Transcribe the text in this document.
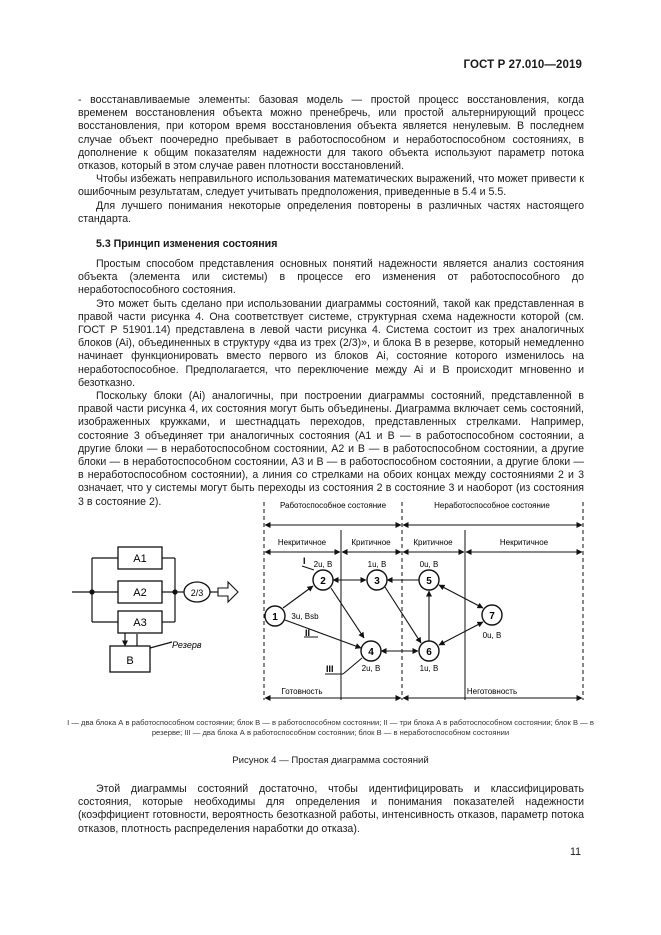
ГОСТ Р 27.010—2019

- восстанавливаемые элементы: базовая модель — простой процесс восстановления, когда временем восстановления объекта можно пренебречь, или простой альтернирующий процесс восстановления, при котором время восстановления объекта является ненулевым. В последнем случае объект поочередно пребывает в работоспособном и неработоспособном состояниях, в дополнение к общим показателям надежности для такого объекта используют параметр потока отказов, который в этом случае равен плотности восстановлений.

Чтобы избежать неправильного использования математических выражений, что может привести к ошибочным результатам, следует учитывать предположения, приведенные в 5.4 и 5.5.

Для лучшего понимания некоторые определения повторены в различных частях настоящего стандарта.

5.3 Принцип изменения состояния

Простым способом представления основных понятий надежности является анализ состояния объекта (элемента или системы) в процессе его изменения от работоспособного до неработоспособного состояния.

Это может быть сделано при использовании диаграммы состояний, такой как представленная в правой части рисунка 4. Она соответствует системе, структурная схема надежности которой (см. ГОСТ Р 51901.14) представлена в левой части рисунка 4. Система состоит из трех аналогичных блоков (Ai), объединенных в структуру «два из трех (2/3)», и блока В в резерве, который немедленно начинает функционировать вместо первого из блоков Ai, состояние которого изменилось на неработоспособное. Предполагается, что переключение между Ai и B происходит мгновенно и безотказно.

Поскольку блоки (Ai) аналогичны, при построении диаграммы состояний, представленной в правой части рисунка 4, их состояния могут быть объединены. Диаграмма включает семь состояний, изображенных кружками, и шестнадцать переходов, представленных стрелками. Например, состояние 3 объединяет три аналогичных состояния (A1 и В — в работоспособном состоянии, а другие блоки — в неработоспособном состоянии, A2 и В — в работоспособном состоянии, а другие блоки — в неработоспособном состоянии, A3 и В — в работоспособном состоянии, а другие блоки — в неработоспособном состоянии), а линия со стрелками на обоих концах между состояниями 2 и 3 означает, что у системы могут быть переходы из состояния 2 в состояние 3 и наоборот (из состояния 3 в состояние 2).

A1
A2
A3
2/3
B
Резерв
Работоспособное состояние	Неработоспособное состояние
Некритичное	Критичное	Критичное	Некритичное
Готовность	Неготовность
1 3u, Bsb
2
2u, B
3
1u, B
4
2u, B
5
0u, B
6
1u, B
7
0u, B
I
II
III
I — два блока А в работоспособном состоянии; блок В — в работоспособном состоянии; II — три блока А в работоспособном состоянии; блок В — в резерве; III — два блока А в работоспособном состоянии; блок В — в неработоспособном состоянии
Рисунок 4 — Простая диаграмма состояний

Этой диаграммы состояний достаточно, чтобы идентифицировать и классифицировать состояния, которые необходимы для определения и понимания показателей надежности (коэффициент готовности, вероятность безотказной работы, интенсивность отказов, параметр потока отказов, плотность распределения наработки до отказа).

11
